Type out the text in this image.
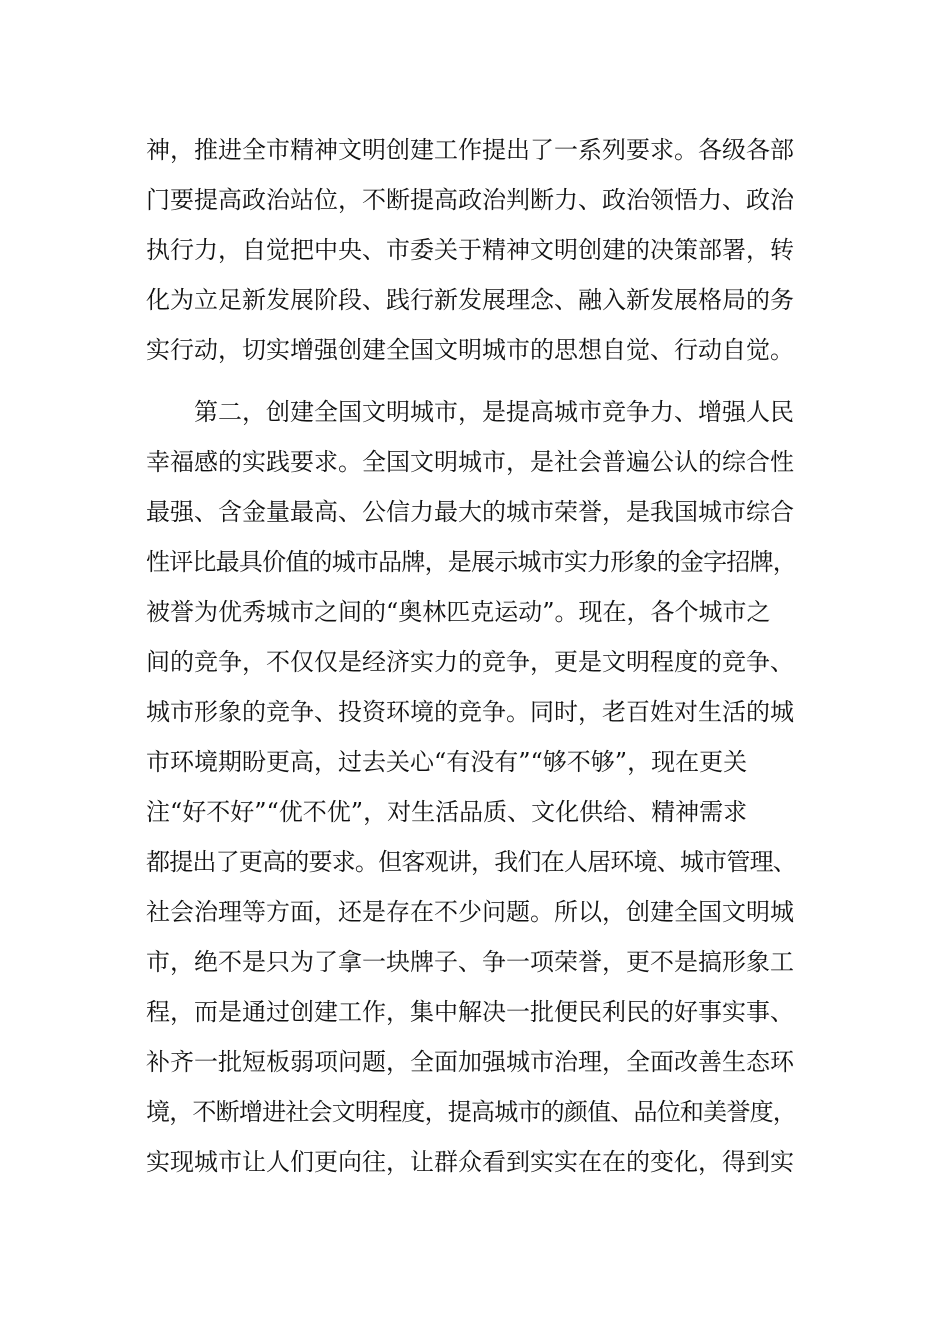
神，推进全市精神文明创建工作提出了一系列要求。各级各部
门要提高政治站位，不断提高政治判断力、政治领悟力、政治
执行力，自觉把中央、市委关于精神文明创建的决策部署，转
化为立足新发展阶段、践行新发展理念、融入新发展格局的务
实行动，切实增强创建全国文明城市的思想自觉、行动自觉。
第二，创建全国文明城市，是提高城市竞争力、增强人民
幸福感的实践要求。全国文明城市，是社会普遍公认的综合性
最强、含金量最高、公信力最大的城市荣誉，是我国城市综合
性评比最具价值的城市品牌，是展示城市实力形象的金字招牌，
被誉为优秀城市之间的“奥林匹克运动”。现在，各个城市之
间的竞争，不仅仅是经济实力的竞争，更是文明程度的竞争、
城市形象的竞争、投资环境的竞争。同时，老百姓对生活的城
市环境期盼更高，过去关心“有没有”“够不够”，现在更关
注“好不好”“优不优”，对生活品质、文化供给、精神需求
都提出了更高的要求。但客观讲，我们在人居环境、城市管理、
社会治理等方面，还是存在不少问题。所以，创建全国文明城
市，绝不是只为了拿一块牌子、争一项荣誉，更不是搞形象工
程，而是通过创建工作，集中解决一批便民利民的好事实事、
补齐一批短板弱项问题，全面加强城市治理，全面改善生态环
境，不断增进社会文明程度，提高城市的颜值、品位和美誉度，
实现城市让人们更向往，让群众看到实实在在的变化，得到实
